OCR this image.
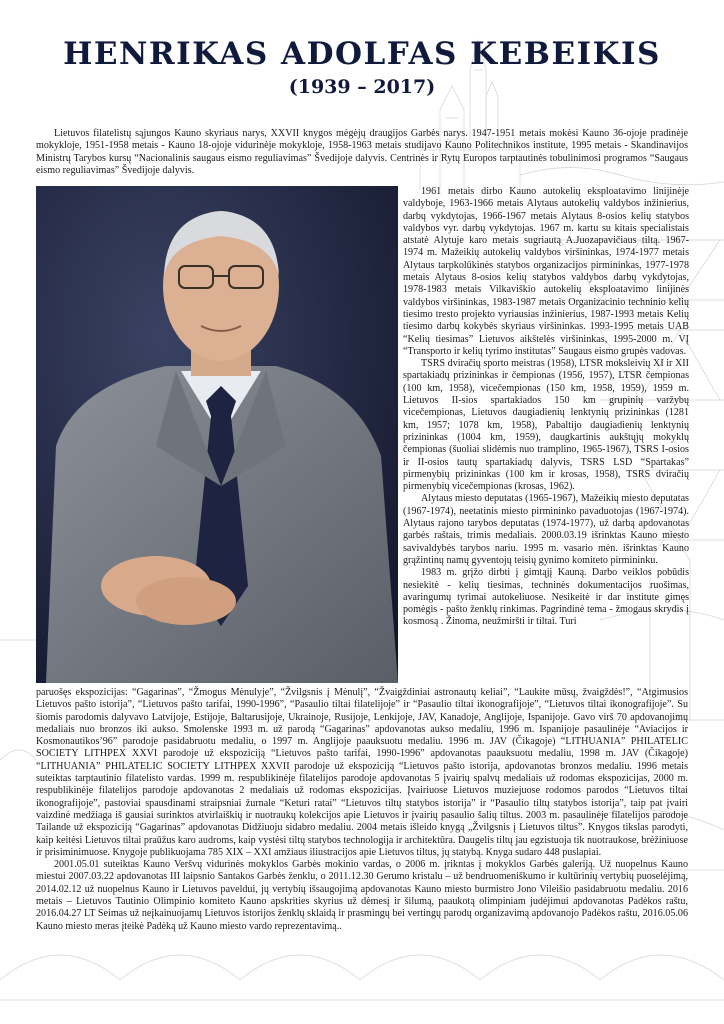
HENRIKAS ADOLFAS KEBEIKIS
(1939 – 2017)

Lietuvos filatelistų sąjungos Kauno skyriaus narys, XXVII knygos mėgėjų draugijos Garbės narys. 1947-1951 metais mokėsi Kauno 36-ojoje pradinėje mokykloje, 1951-1958 metais - Kauno 18-ojoje vidurinėje mokykloje, 1958-1963 metais studijavo Kauno Politechnikos institute, 1995 metais - Skandinavijos Ministrų Tarybos kursų “Nacionalinis saugaus eismo reguliavimas” Švedijoje dalyvis. Centrinės ir Rytų Europos tarptautinės tobulinimosi programos “Saugaus eismo reguliavimas” Švedijoje dalyvis.

1961 metais dirbo Kauno autokelių eksploatavimo linijinėje valdyboje, 1963-1966 metais Alytaus autokelių valdybos inžinierius, darbų vykdytojas, 1966-1967 metais Alytaus 8-osios kelių statybos valdybos vyr. darbų vykdytojas. 1967 m. kartu su kitais specialistais atstatė Alytuje karo metais sugriautą A.Juozapavičiaus tiltą. 1967-1974 m. Mažeikių autokelių valdybos viršininkas, 1974-1977 metais Alytaus tarpkolūkinės statybos organizacijos pirmininkas, 1977-1978 metais Alytaus 8-osios kelių statybos valdybos darbų vykdytojas, 1978-1983 metais Vilkaviškio autokelių eksploatavimo linijinės valdybos viršininkas, 1983-1987 metais Organizacinio techninio kelių tiesimo tresto projekto vyriausias inžinierius, 1987-1993 metais Kelių tiesimo darbų kokybės skyriaus viršininkas. 1993-1995 metais UAB “Kelių tiesimas” Lietuvos aikštelės viršininkas, 1995-2000 m. VĮ “Transporto ir kelių tyrimo institutas” Saugaus eismo grupės vadovas.

TSRS dviračių sporto meistras (1958), LTSR moksleivių XI ir XII spartakiadų prizininkas ir čempionas (1956, 1957), LTSR čempionas (100 km, 1958), vicečempionas (150 km, 1958, 1959), 1959 m. Lietuvos II-sios spartakiados 150 km grupinių varžybų vicečempionas, Lietuvos daugiadienių lenktynių prizininkas (1281 km, 1957; 1078 km, 1958), Pabaltijo daugiadienių lenktynių prizininkas (1004 km, 1959), daugkartinis aukštųjų mokyklų čempionas (šuoliai slidėmis nuo tramplino, 1965-1967), TSRS I-osios ir II-osios tautų spartakiadų dalyvis, TSRS LSD “Spartakas” pirmenybių prizininkas (100 km ir krosas, 1958), TSRS dviračių pirmenybių vicečempionas (krosas, 1962).

Alytaus miesto deputatas (1965-1967), Mažeikių miesto deputatas (1967-1974), neetatinis miesto pirmininko pavaduotojas (1967-1974). Alytaus rajono tarybos deputatas (1974-1977), už darbą apdovanotas garbės raštais, trimis medaliais. 2000.03.19 išrinktas Kauno miesto savivaldybės tarybos nariu. 1995 m. vasario mėn. išrinktas Kauno grąžintinų namų gyventojų teisių gynimo komiteto pirmininku.

1983 m. grįžo dirbti į gimtąjį Kauną. Darbo veiklos pobūdis nesiekitė - kelių tiesimas, techninės dokumentacijos ruošimas, avaringumų tyrimai autokeliuose. Nesikeitė ir dar institute gimęs pomėgis - pašto ženklų rinkimas. Pagrindinė tema - žmogaus skrydis į kosmosą . Žinoma, neužmiršti ir tiltai. Turi

paruošęs ekspozicijas: “Gagarinas”, “Žmogus Mėnulyje”, “Žvilgsnis į Mėnulį”, “Žvaigždiniai astronautų keliai”, “Laukite mūsų, žvaigždės!”, “Atgimusios Lietuvos pašto istorija”, “Lietuvos pašto tarifai, 1990-1996”, “Pasaulio tiltai filatelijoje” ir “Pasaulio tiltai ikonografijoje”, “Lietuvos tiltai ikonografijoje”. Su šiomis parodomis dalyvavo Latvijoje, Estijoje, Baltarusijoje, Ukrainoje, Rusijoje, Lenkijoje, JAV, Kanadoje, Anglijoje, Ispanijoje. Gavo virš 70 apdovanojimų medaliais nuo bronzos iki aukso. Smolenske 1993 m. už parodą “Gagarinas” apdovanotas aukso medaliu, 1996 m. Ispanijoje pasaulinėje “Aviacijos ir Kosmonautikos’96” parodoje pasidabruotu medaliu, o 1997 m. Anglijoje paauksuotu medaliu. 1996 m. JAV (Čikagoje) “LITHUANIA” PHILATELIC SOCIETY LITHPEX XXVI parodoje už ekspoziciją “Lietuvos pašto tarifai, 1990-1996” apdovanotas paauksuotu medaliu, 1998 m. JAV (Čikagoje) “LITHUANIA” PHILATELIC SOCIETY LITHPEX XXVII parodoje už ekspoziciją “Lietuvos pašto istorija, apdovanotas bronzos medaliu. 1996 metais suteiktas tarptautinio filatelisto vardas. 1999 m. respublikinėje filatelijos parodoje apdovanotas 5 įvairių spalvų medaliais už rodomas ekspozicijas, 2000 m. respublikinėje filatelijos parodoje apdovanotas 2 medaliais už rodomas ekspozicijas. Įvairiuose Lietuvos muziejuose rodomos parodos “Lietuvos tiltai ikonografijoje”, pastoviai spausdinami straipsniai žurnale “Keturi ratai” “Lietuvos tiltų statybos istorija” ir “Pasaulio tiltų statybos istorija”, taip pat įvairi vaizdinė medžiaga iš gausiai surinktos atvirlaiškių ir nuotraukų kolekcijos apie Lietuvos ir įvairių pasaulio šalių tiltus. 2003 m. pasaulinėje filatelijos parodoje Tailande už ekspoziciją “Gagarinas” apdovanotas Didžiuoju sidabro medaliu. 2004 metais išleido knygą „Žvilgsnis į Lietuvos tiltus”. Knygos tikslas parodyti, kaip keitėsi Lietuvos tiltai praūžus karo audroms, kaip vystėsi tiltų statybos technologija ir architektūra. Daugelis tiltų jau egzistuoja tik nuotraukose, brėžiniuose ir prisiminimuose. Knygoje publikuojama 785 XIX – XXI amžiaus iliustracijos apie Lietuvos tiltus, jų statybą. Knyga sudaro 448 puslapiai.

2001.05.01 suteiktas Kauno Veršvų vidurinės mokyklos Garbės mokinio vardas, o 2006 m. įrikntas į mokyklos Garbės galeriją. Už nuopelnus Kauno miestui 2007.03.22 apdovanotas III laipsnio Santakos Garbės ženklu, o 2011.12.30 Gerumo kristalu – už bendruomeniškumo ir kultūrinių vertybių puoselėjimą, 2014.02.12 už nuopelnus Kauno ir Lietuvos paveldui, jų vertybių išsaugojimą apdovanotas Kauno miesto burmistro Jono Vileišio pasidabruotu medaliu. 2016 metais – Lietuvos Tautinio Olimpinio komiteto Kauno apskrities skyrius už dėmesį ir šilumą, paaukotą olimpiniam judėjimui apdovanotas Padėkos raštu, 2016.04.27 LT Seimas už neįkainuojamų Lietuvos istorijos ženklų sklaidą ir prasmingų bei vertingų parodų organizavimą apdovanojo Padėkos raštu, 2016.05.06 Kauno miesto meras įteikė Padėką už Kauno miesto vardo reprezentavimą..
